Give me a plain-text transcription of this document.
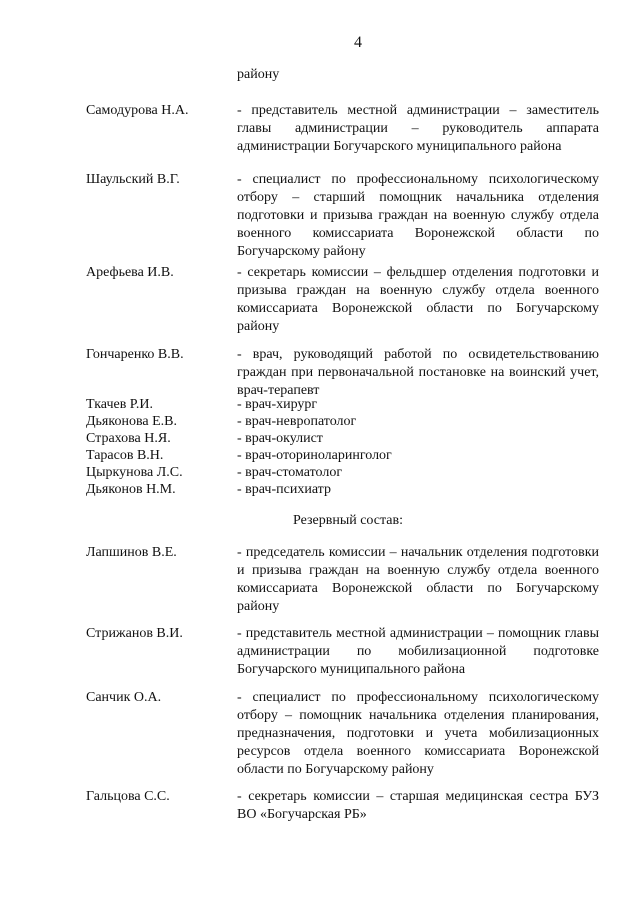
4
району
Самодурова Н.А.	- представитель местной администрации – заместитель главы администрации – руководитель аппарата администрации Богучарского муниципального района
Шаульский В.Г.	- специалист по профессиональному психологическому отбору – старший помощник начальника отделения подготовки и призыва граждан на военную службу отдела военного комиссариата Воронежской области по Богучарскому району
Арефьева И.В.	- секретарь комиссии – фельдшер отделения подготовки и призыва граждан на военную службу отдела военного комиссариата Воронежской области по Богучарскому району
Гончаренко В.В.	- врач, руководящий работой по освидетельствованию граждан при первоначальной постановке на воинский учет, врач-терапевт
Ткачев Р.И.	- врач-хирург
Дьяконова Е.В.	- врач-невропатолог
Страхова Н.Я.	- врач-окулист
Тарасов В.Н.	- врач-оториноларинголог
Цыркунова Л.С.	- врач-стоматолог
Дьяконов Н.М.	- врач-психиатр
Резервный состав:
Лапшинов В.Е.	- председатель комиссии – начальник отделения подготовки и призыва граждан на военную службу отдела военного комиссариата Воронежской области по Богучарскому району
Стрижанов В.И.	- представитель местной администрации – помощник главы администрации по мобилизационной подготовке Богучарского муниципального района
Санчик О.А.	- специалист по профессиональному психологическому отбору – помощник начальника отделения планирования, предназначения, подготовки и учета мобилизационных ресурсов отдела военного комиссариата Воронежской области по Богучарскому району
Гальцова С.С.	- секретарь комиссии – старшая медицинская сестра БУЗ ВО «Богучарская РБ»
